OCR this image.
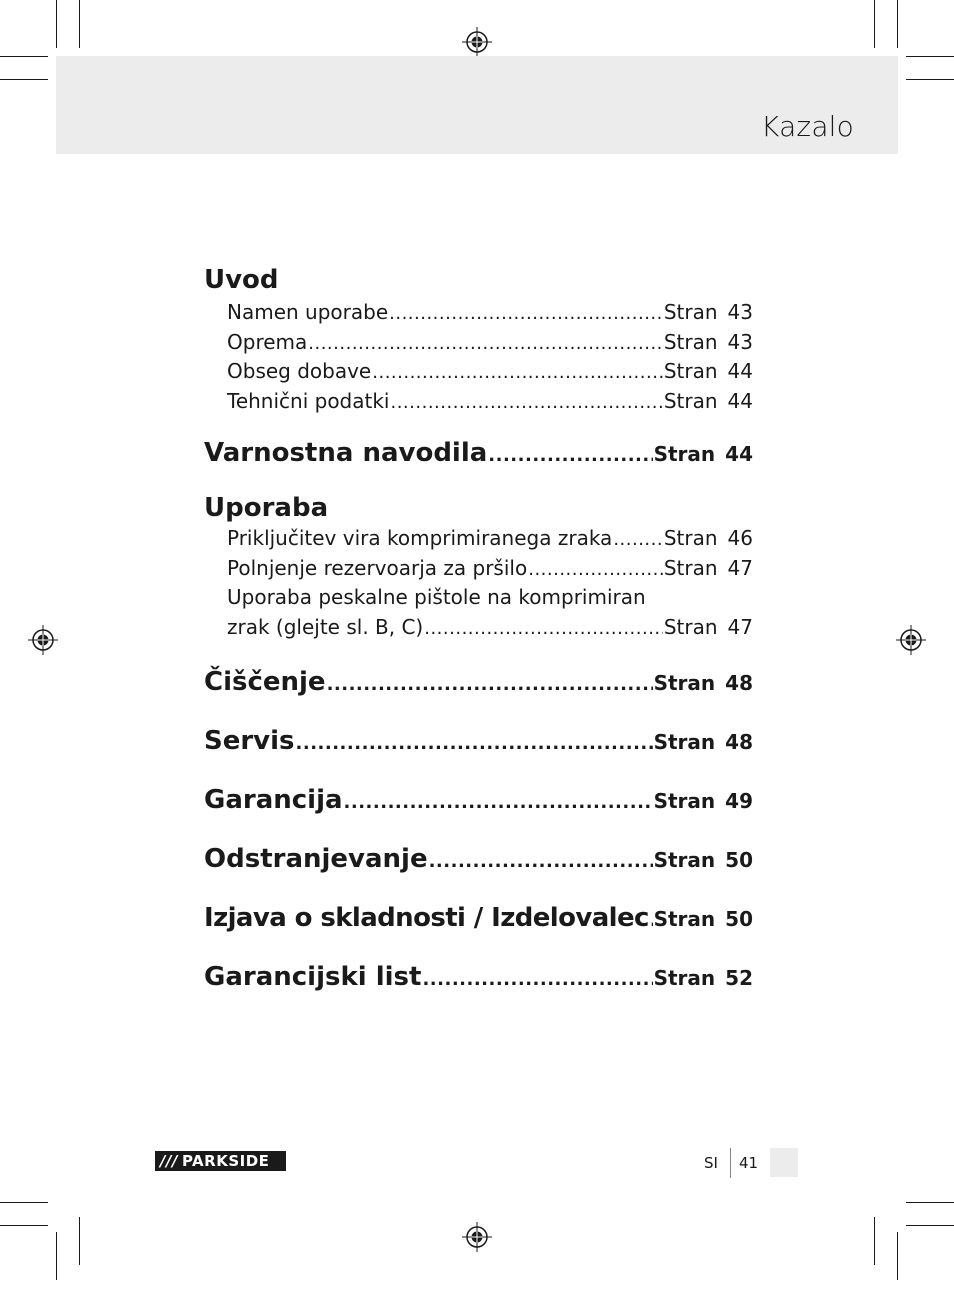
Kazalo
Uvod
Namen uporabe .....	Stran 43
Oprema .....	Stran 43
Obseg dobave .....	Stran 44
Tehnični podatki .....	Stran 44
Varnostna navodila .....	Stran 44
Uporaba
Priključitev vira komprimiranega zraka .....	Stran 46
Polnjenje rezervoarja za pršilo .....	Stran 47
Uporaba peskalne pištole na komprimiran
zrak (glejte sl. B, C) .....	Stran 47
Čiščenje .....	Stran 48
Servis .....	Stran 48
Garancija .....	Stran 49
Odstranjevanje .....	Stran 50
Izjava o skladnosti / Izdelovalec ..... Stran 50
Garancijski list .....	Stran 52
/// PARKSIDE	SI 41
